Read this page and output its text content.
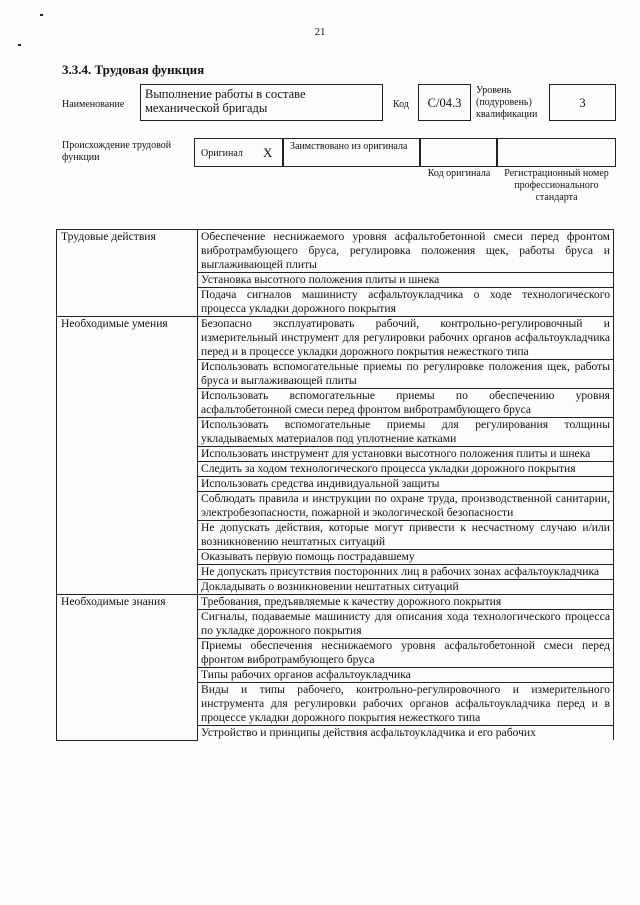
21
3.3.4. Трудовая функция
Наименование
Выполнение работы в составе механической бригады	Код	С/04.3
Уровень (подуровень) квалификации
3
Происхождение трудовой функции	Оригинал X Заимствовано из оригинала
Код оригинала	Регистрационный номер профессионального стандарта
Трудовые действия	Обеспечение неснижаемого уровня асфальтобетонной смеси перед фронтом вибротрамбующего бруса, регулировка положения щек, работы бруса и выглаживающей плиты
	Установка высотного положения плиты и шнека
	Подача сигналов машинисту асфальтоукладчика о ходе технологического процесса укладки дорожного покрытия
Необходимые умения	Безопасно эксплуатировать рабочий, контрольно-регулировочный и измерительный инструмент для регулировки рабочих органов асфальтоукладчика перед и в процессе укладки дорожного покрытия нежесткого типа
	Использовать вспомогательные приемы по регулировке положения щек, работы бруса и выглаживающей плиты
	Использовать вспомогательные приемы по обеспечению уровня асфальтобетонной смеси перед фронтом вибротрамбующего бруса
	Использовать вспомогательные приемы для регулирования толщины укладываемых материалов под уплотнение катками
	Использовать инструмент для установки высотного положения плиты и шнека
	Следить за ходом технологического процесса укладки дорожного покрытия
	Использовать средства индивидуальной защиты
	Соблюдать правила и инструкции по охране труда, производственной санитарии, электробезопасности, пожарной и экологической безопасности
	Не допускать действия, которые могут привести к несчастному случаю и/или возникновению нештатных ситуаций
	Оказывать первую помощь пострадавшему
	Не допускать присутствия посторонних лиц в рабочих зонах асфальтоукладчика
	Докладывать о возникновении нештатных ситуаций
Необходимые знания	Требования, предъявляемые к качеству дорожного покрытия
	Сигналы, подаваемые машинисту для описания хода технологического процесса по укладке дорожного покрытия
	Приемы обеспечения неснижаемого уровня асфальтобетонной смеси перед фронтом вибротрамбующего бруса
	Типы рабочих органов асфальтоукладчика
	Виды и типы рабочего, контрольно-регулировочного и измерительного инструмента для регулировки рабочих органов асфальтоукладчика перед и в процессе укладки дорожного покрытия нежесткого типа
	Устройство и принципы действия асфальтоукладчика и его рабочих
